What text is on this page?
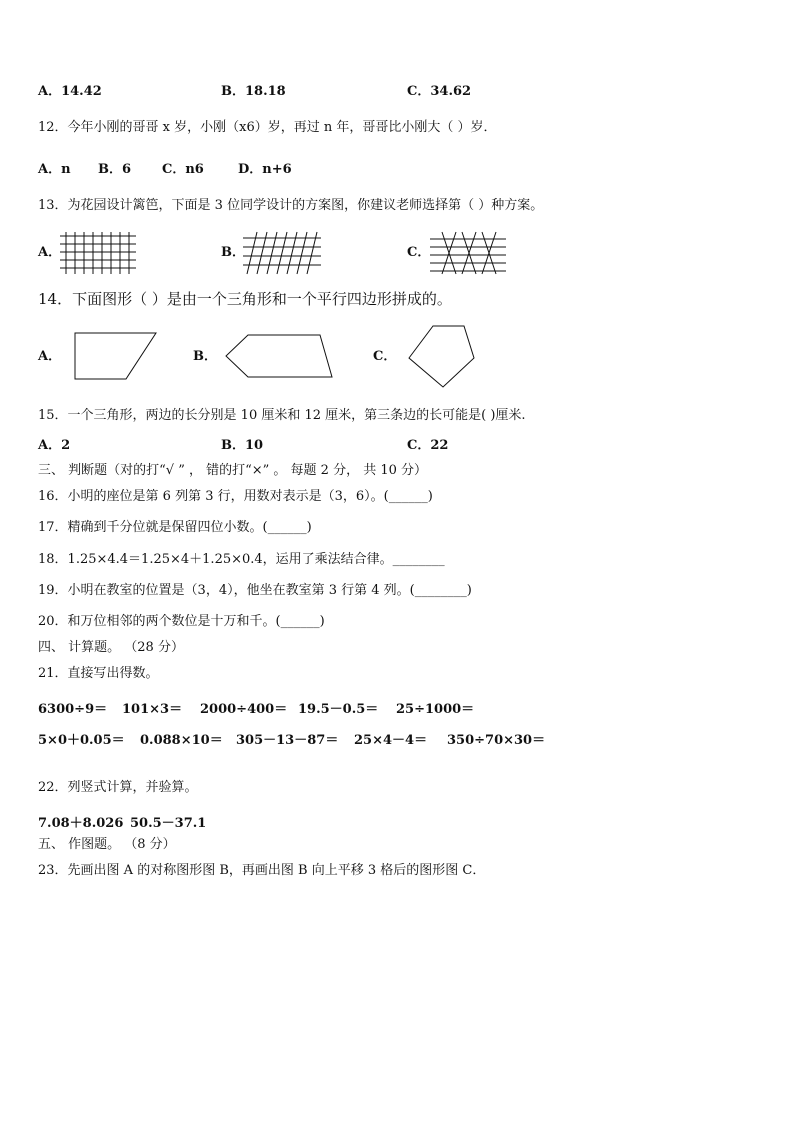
A．14.42	B．18.18	C．34.62
12．今年小刚的哥哥 x 岁，小刚（x6）岁，再过 n 年，哥哥比小刚大（ ）岁．
A．n B．6 C．n6	D．n+6
13．为花园设计篱笆，下面是 3 位同学设计的方案图，你建议老师选择第（ ）种方案。
A．	B．	C．
14．下面图形（ ）是由一个三角形和一个平行四边形拼成的。
A．	B．	C．
15．一个三角形，两边的长分别是 10 厘米和 12 厘米，第三条边的长可能是( )厘米.
A．2	B．10	C．22
三、 判断题（对的打“√ ” ， 错的打“×” 。 每题 2 分， 共 10 分）
16．小明的座位是第 6 列第 3 行，用数对表示是（3，6）。(______)
17．精确到千分位就是保留四位小数。(______)
18．1.25×4.4＝1.25×4＋1.25×0.4，运用了乘法结合律。________
19．小明在教室的位置是（3，4），他坐在教室第 3 行第 4 列。(________)
20．和万位相邻的两个数位是十万和千。(______)
四、 计算题。 （28 分）
21．直接写出得数。
6300÷9＝ 101×3＝ 2000÷400＝ 19.5－0.5＝ 25÷1000＝
5×0＋0.05＝ 0.088×10＝ 305－13－87＝ 25×4－4＝ 350÷70×30＝
22．列竖式计算，并验算。
7.08＋8.026 50.5－37.1
五、 作图题。 （8 分）
23．先画出图 A 的对称图形图 B，再画出图 B 向上平移 3 格后的图形图 C．
